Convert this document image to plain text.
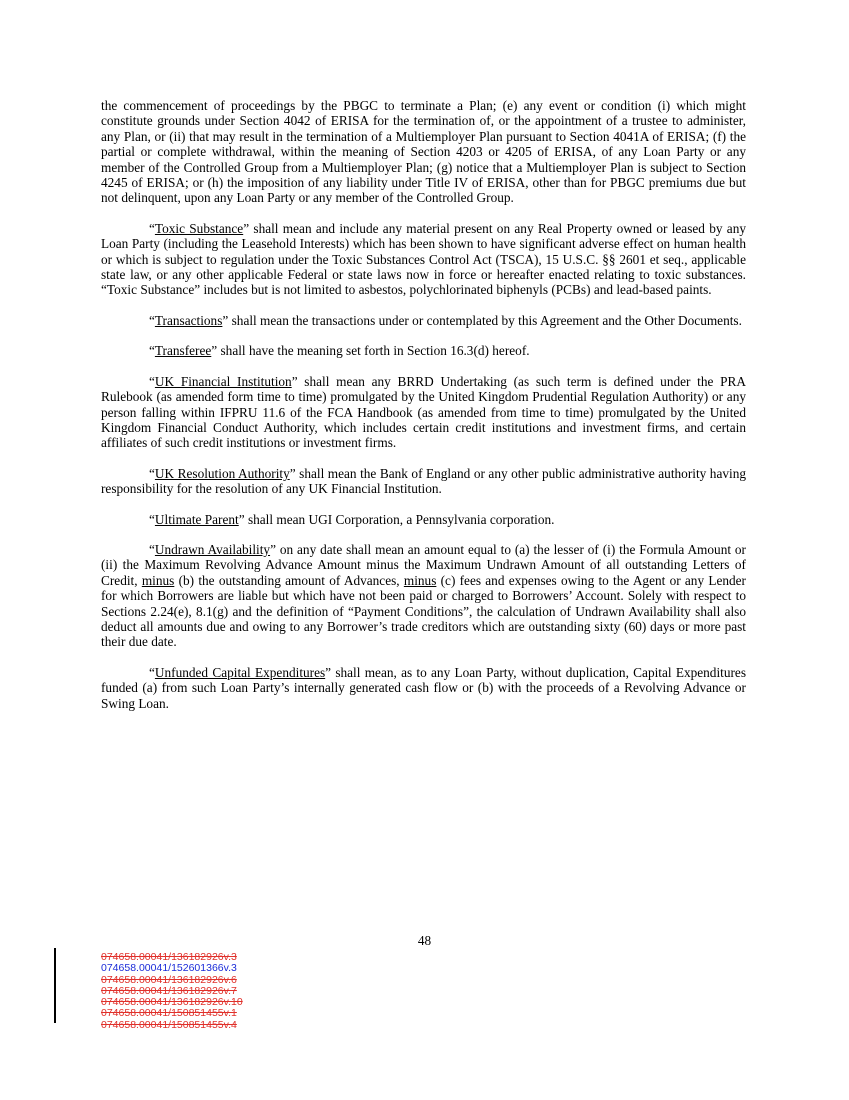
the commencement of proceedings by the PBGC to terminate a Plan; (e) any event or condition (i) which might constitute grounds under Section 4042 of ERISA for the termination of, or the appointment of a trustee to administer, any Plan, or (ii) that may result in the termination of a Multiemployer Plan pursuant to Section 4041A of ERISA; (f) the partial or complete withdrawal, within the meaning of Section 4203 or 4205 of ERISA, of any Loan Party or any member of the Controlled Group from a Multiemployer Plan; (g) notice that a Multiemployer Plan is subject to Section 4245 of ERISA; or (h) the imposition of any liability under Title IV of ERISA, other than for PBGC premiums due but not delinquent, upon any Loan Party or any member of the Controlled Group.

“Toxic Substance” shall mean and include any material present on any Real Property owned or leased by any Loan Party (including the Leasehold Interests) which has been shown to have significant adverse effect on human health or which is subject to regulation under the Toxic Substances Control Act (TSCA), 15 U.S.C. §§ 2601 et seq., applicable state law, or any other applicable Federal or state laws now in force or hereafter enacted relating to toxic substances. “Toxic Substance” includes but is not limited to asbestos, polychlorinated biphenyls (PCBs) and lead-based paints.

“Transactions” shall mean the transactions under or contemplated by this Agreement and the Other Documents.

“Transferee” shall have the meaning set forth in Section 16.3(d) hereof.

“UK Financial Institution” shall mean any BRRD Undertaking (as such term is defined under the PRA Rulebook (as amended form time to time) promulgated by the United Kingdom Prudential Regulation Authority) or any person falling within IFPRU 11.6 of the FCA Handbook (as amended from time to time) promulgated by the United Kingdom Financial Conduct Authority, which includes certain credit institutions and investment firms, and certain affiliates of such credit institutions or investment firms.

“UK Resolution Authority” shall mean the Bank of England or any other public administrative authority having responsibility for the resolution of any UK Financial Institution.

“Ultimate Parent” shall mean UGI Corporation, a Pennsylvania corporation.

“Undrawn Availability” on any date shall mean an amount equal to (a) the lesser of (i) the Formula Amount or (ii) the Maximum Revolving Advance Amount minus the Maximum Undrawn Amount of all outstanding Letters of Credit, minus (b) the outstanding amount of Advances, minus (c) fees and expenses owing to the Agent or any Lender for which Borrowers are liable but which have not been paid or charged to Borrowers’ Account. Solely with respect to Sections 2.24(e), 8.1(g) and the definition of “Payment Conditions”, the calculation of Undrawn Availability shall also deduct all amounts due and owing to any Borrower’s trade creditors which are outstanding sixty (60) days or more past their due date.

“Unfunded Capital Expenditures” shall mean, as to any Loan Party, without duplication, Capital Expenditures funded (a) from such Loan Party’s internally generated cash flow or (b) with the proceeds of a Revolving Advance or Swing Loan.

48
074658.00041/136182926v.3
074658.00041/152601366v.3
074658.00041/136182926v.6
074658.00041/136182926v.7
074658.00041/136182926v.10
074658.00041/150851455v.1
074658.00041/150851455v.4
